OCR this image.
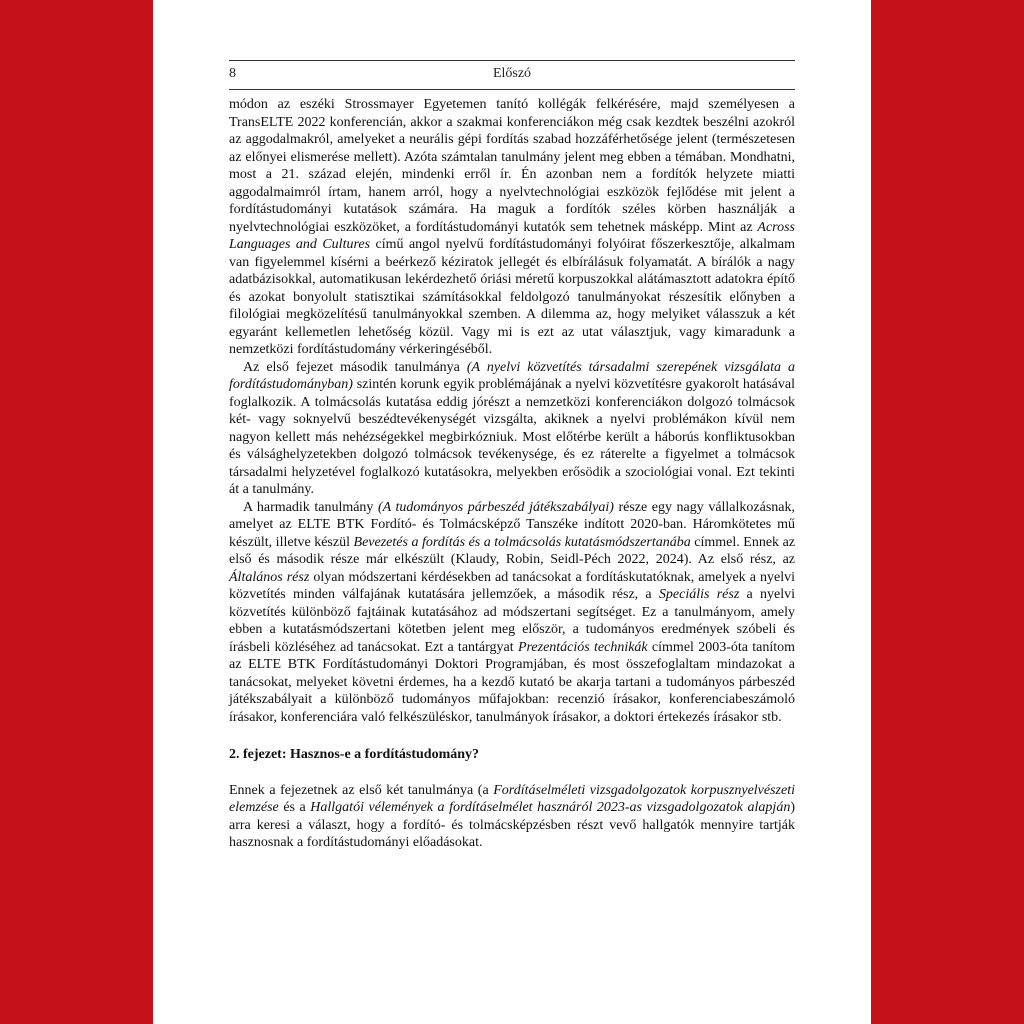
8	Előszó

módon az eszéki Strossmayer Egyetemen tanító kollégák felkérésére, majd személyesen a TransELTE 2022 konferencián, akkor a szakmai konferenciákon még csak kezdtek beszélni azokról az aggodalmakról, amelyeket a neurális gépi fordítás szabad hozzáférhetősége jelent (természetesen az előnyei elismerése mellett). Azóta számtalan tanulmány jelent meg ebben a témában. Mondhatni, most a 21. század elején, mindenki erről ír. Én azonban nem a fordítók helyzete miatti aggodalmaimról írtam, hanem arról, hogy a nyelvtechnológiai eszközök fejlődése mit jelent a fordítástudományi kutatások számára. Ha maguk a fordítók széles körben használják a nyelvtechnológiai eszközöket, a fordítástudományi kutatók sem tehetnek másképp. Mint az Across Languages and Cultures című angol nyelvű fordítástudományi folyóirat főszerkesztője, alkalmam van figyelemmel kísérni a beérkező kéziratok jellegét és elbírálásuk folyamatát. A bírálók a nagy adatbázisokkal, automatikusan lekérdezhető óriási méretű korpuszokkal alátámasztott adatokra építő és azokat bonyolult statisztikai számításokkal feldolgozó tanulmányokat részesítik előnyben a filológiai megközelítésű tanulmányokkal szemben. A dilemma az, hogy melyiket válasszuk a két egyaránt kellemetlen lehetőség közül. Vagy mi is ezt az utat választjuk, vagy kimaradunk a nemzetközi fordítástudomány vérkeringéséből.

Az első fejezet második tanulmánya (A nyelvi közvetítés társadalmi szerepének vizsgálata a fordítástudományban) szintén korunk egyik problémájának a nyelvi közvetítésre gyakorolt hatásával foglalkozik. A tolmácsolás kutatása eddig jórészt a nemzetközi konferenciákon dolgozó tolmácsok két- vagy soknyelvű beszédtevékenységét vizsgálta, akiknek a nyelvi problémákon kívül nem nagyon kellett más nehézségekkel megbirkózniuk. Most előtérbe került a háborús konfliktusokban és válsághelyzetekben dolgozó tolmácsok tevékenysége, és ez ráterelte a figyelmet a tolmácsok társadalmi helyzetével foglalkozó kutatásokra, melyekben erősödik a szociológiai vonal. Ezt tekinti át a tanulmány.

A harmadik tanulmány (A tudományos párbeszéd játékszabályai) része egy nagy vállalkozásnak, amelyet az ELTE BTK Fordító- és Tolmácsképző Tanszéke indított 2020-ban. Háromkötetes mű készült, illetve készül Bevezetés a fordítás és a tolmácsolás kutatásmódszertanába címmel. Ennek az első és második része már elkészült (Klaudy, Robin, Seidl-Péch 2022, 2024). Az első rész, az Általános rész olyan módszertani kérdésekben ad tanácsokat a fordításkutatóknak, amelyek a nyelvi közvetítés minden válfajának kutatására jellemzőek, a második rész, a Speciális rész a nyelvi közvetítés különböző fajtáinak kutatásához ad módszertani segítséget. Ez a tanulmányom, amely ebben a kutatásmódszertani kötetben jelent meg először, a tudományos eredmények szóbeli és írásbeli közléséhez ad tanácsokat. Ezt a tantárgyat Prezentációs technikák címmel 2003-óta tanítom az ELTE BTK Fordítástudományi Doktori Programjában, és most összefoglaltam mindazokat a tanácsokat, melyeket követni érdemes, ha a kezdő kutató be akarja tartani a tudományos párbeszéd játékszabályait a különböző tudományos műfajokban: recenzió írásakor, konferenciabeszámoló írásakor, konferenciára való felkészüléskor, tanulmányok írásakor, a doktori értekezés írásakor stb.

2. fejezet: Hasznos-e a fordítástudomány?

Ennek a fejezetnek az első két tanulmánya (a Fordításelméleti vizsgadolgozatok korpusznyelvészeti elemzése és a Hallgatói vélemények a fordításelmélet hasznáról 2023-as vizsgadolgozatok alapján) arra keresi a választ, hogy a fordító- és tolmácsképzésben részt vevő hallgatók mennyire tartják hasznosnak a fordítástudományi előadásokat.
